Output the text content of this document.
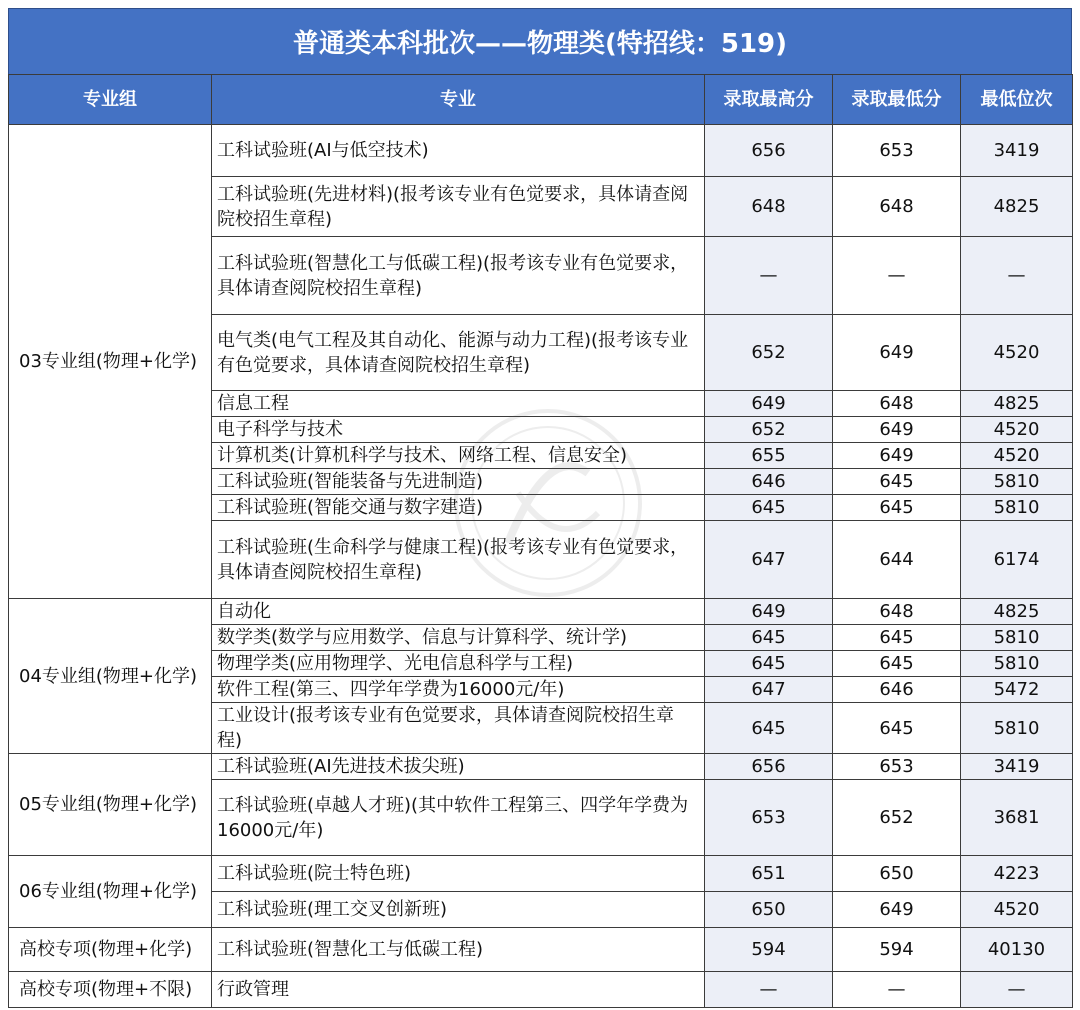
普通类本科批次——物理类(特招线：519)
专业组	专业	录取最高分	录取最低分	最低位次
03专业组(物理+化学)	工科试验班(AI与低空技术)	656	653	3419
	工科试验班(先进材料)(报考该专业有色觉要求，具体请查阅院校招生章程)	648	648	4825
	工科试验班(智慧化工与低碳工程)(报考该专业有色觉要求，具体请查阅院校招生章程)	—	—	—
	电气类(电气工程及其自动化、能源与动力工程)(报考该专业有色觉要求，具体请查阅院校招生章程)	652	649	4520
	信息工程	649	648	4825
	电子科学与技术	652	649	4520
	计算机类(计算机科学与技术、网络工程、信息安全)	655	649	4520
	工科试验班(智能装备与先进制造)	646	645	5810
	工科试验班(智能交通与数字建造)	645	645	5810
	工科试验班(生命科学与健康工程)(报考该专业有色觉要求，具体请查阅院校招生章程)	647	644	6174
04专业组(物理+化学)	自动化	649	648	4825
	数学类(数学与应用数学、信息与计算科学、统计学)	645	645	5810
	物理学类(应用物理学、光电信息科学与工程)	645	645	5810
	软件工程(第三、四学年学费为16000元/年)	647	646	5472
	工业设计(报考该专业有色觉要求，具体请查阅院校招生章程)	645	645	5810
05专业组(物理+化学)	工科试验班(AI先进技术拔尖班)	656	653	3419
	工科试验班(卓越人才班)(其中软件工程第三、四学年学费为16000元/年)	653	652	3681
06专业组(物理+化学)	工科试验班(院士特色班)	651	650	4223
	工科试验班(理工交叉创新班)	650	649	4520
高校专项(物理+化学)	工科试验班(智慧化工与低碳工程)	594	594	40130
高校专项(物理+不限)	行政管理	—	—	—
